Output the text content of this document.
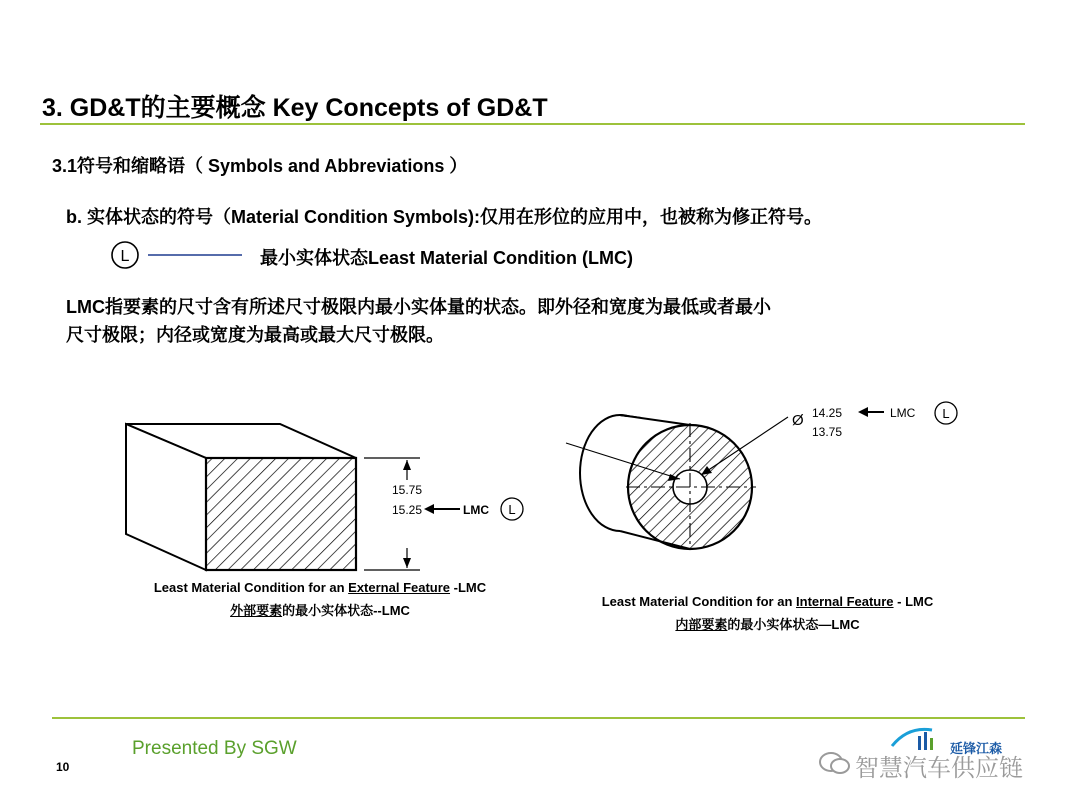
3. GD&T的主要概念 Key Concepts of GD&T
3.1符号和缩略语（ Symbols and Abbreviations ）
b. 实体状态的符号（Material Condition Symbols):仅用在形位的应用中，也被称为修正符号。
L	最小实体状态Least Material Condition (LMC)
LMC指要素的尺寸含有所述尺寸极限内最小实体量的状态。即外径和宽度为最低或者最小
尺寸极限；内径或宽度为最高或最大尺寸极限。
15.75
15.25	LMC L
Least Material Condition for an External Feature -LMC
外部要素的最小实体状态--LMC
Ø 14.25
13.75
LMC L
Least Material Condition for an Internal Feature - LMC
内部要素的最小实体状态—LMC
Presented By SGW
10
延锋江森
智慧汽车供应链
